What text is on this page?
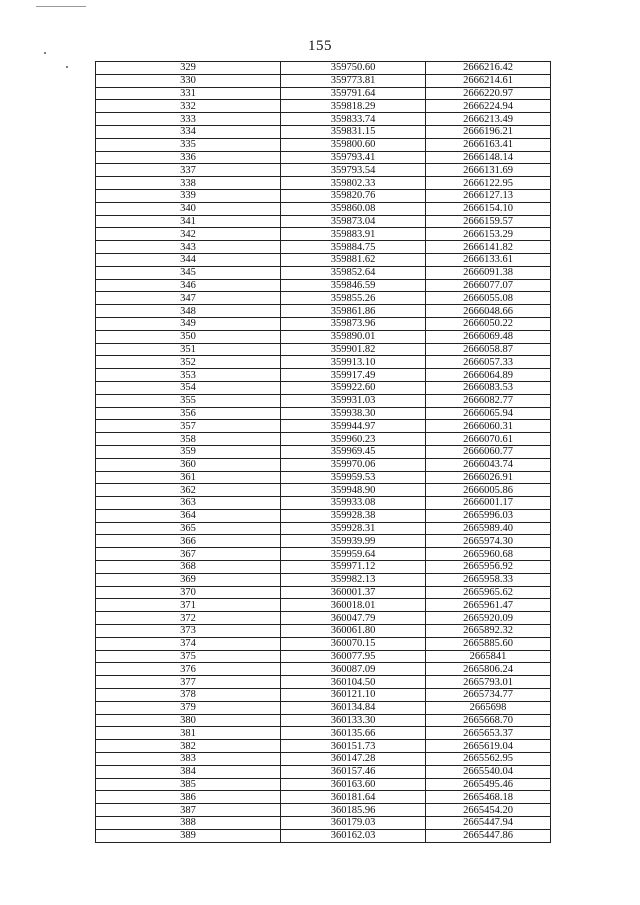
155
329	359750.60	2666216.42
330	359773.81	2666214.61
331	359791.64	2666220.97
332	359818.29	2666224.94
333	359833.74	2666213.49
334	359831.15	2666196.21
335	359800.60	2666163.41
336	359793.41	2666148.14
337	359793.54	2666131.69
338	359802.33	2666122.95
339	359820.76	2666127.13
340	359860.08	2666154.10
341	359873.04	2666159.57
342	359883.91	2666153.29
343	359884.75	2666141.82
344	359881.62	2666133.61
345	359852.64	2666091.38
346	359846.59	2666077.07
347	359855.26	2666055.08
348	359861.86	2666048.66
349	359873.96	2666050.22
350	359890.01	2666069.48
351	359901.82	2666058.87
352	359913.10	2666057.33
353	359917.49	2666064.89
354	359922.60	2666083.53
355	359931.03	2666082.77
356	359938.30	2666065.94
357	359944.97	2666060.31
358	359960.23	2666070.61
359	359969.45	2666060.77
360	359970.06	2666043.74
361	359959.53	2666026.91
362	359948.90	2666005.86
363	359933.08	2666001.17
364	359928.38	2665996.03
365	359928.31	2665989.40
366	359939.99	2665974.30
367	359959.64	2665960.68
368	359971.12	2665956.92
369	359982.13	2665958.33
370	360001.37	2665965.62
371	360018.01	2665961.47
372	360047.79	2665920.09
373	360061.80	2665892.32
374	360070.15	2665885.60
375	360077.95	2665841
376	360087.09	2665806.24
377	360104.50	2665793.01
378	360121.10	2665734.77
379	360134.84	2665698
380	360133.30	2665668.70
381	360135.66	2665653.37
382	360151.73	2665619.04
383	360147.28	2665562.95
384	360157.46	2665540.04
385	360163.60	2665495.46
386	360181.64	2665468.18
387	360185.96	2665454.20
388	360179.03	2665447.94
389	360162.03	2665447.86
